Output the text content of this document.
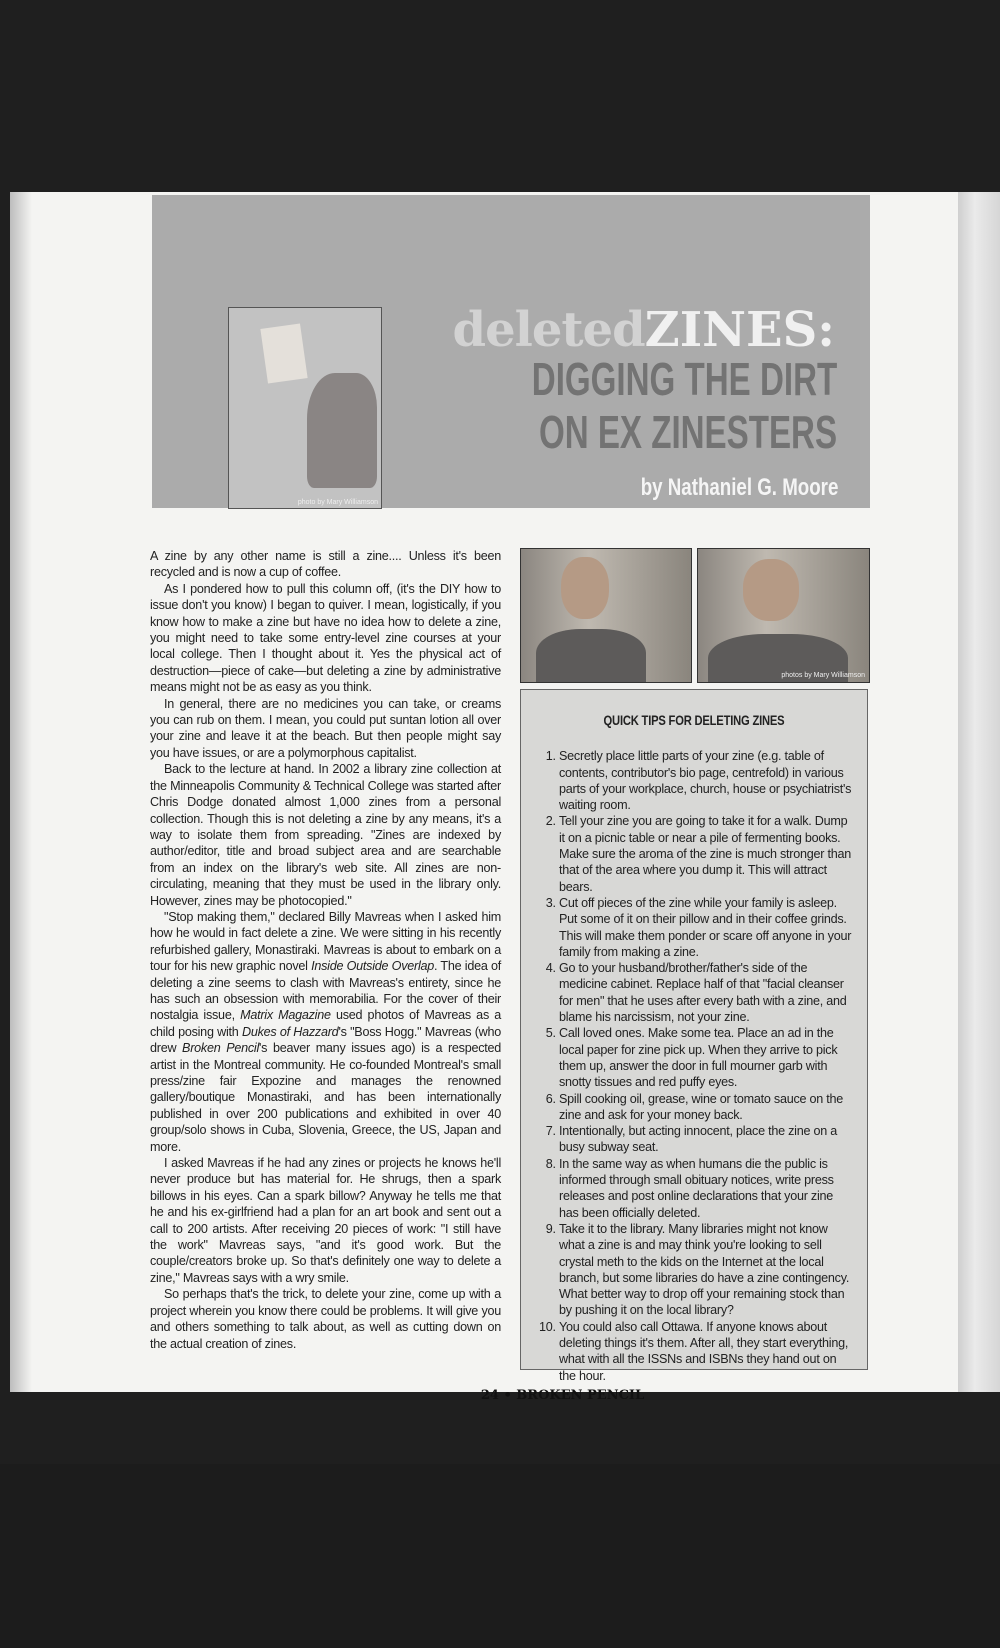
photo by Mary Williamson
deletedZINES:
DIGGING THE DIRT
ON EX ZINESTERS
by Nathaniel G. Moore

A zine by any other name is still a zine.... Unless it's been recycled and is now a cup of coffee.

As I pondered how to pull this column off, (it's the DIY how to issue don't you know) I began to quiver. I mean, logistically, if you know how to make a zine but have no idea how to delete a zine, you might need to take some entry-level zine courses at your local college. Then I thought about it. Yes the physical act of destruction—piece of cake—but deleting a zine by administrative means might not be as easy as you think.

In general, there are no medicines you can take, or creams you can rub on them. I mean, you could put suntan lotion all over your zine and leave it at the beach. But then people might say you have issues, or are a polymorphous capitalist.

Back to the lecture at hand. In 2002 a library zine collection at the Minneapolis Community & Technical College was started after Chris Dodge donated almost 1,000 zines from a personal collection. Though this is not deleting a zine by any means, it's a way to isolate them from spreading. "Zines are indexed by author/editor, title and broad subject area and are searchable from an index on the library's web site. All zines are non-circulating, meaning that they must be used in the library only. However, zines may be photocopied."

"Stop making them," declared Billy Mavreas when I asked him how he would in fact delete a zine. We were sitting in his recently refurbished gallery, Monastiraki. Mavreas is about to embark on a tour for his new graphic novel Inside Outside Overlap. The idea of deleting a zine seems to clash with Mavreas's entirety, since he has such an obsession with memorabilia. For the cover of their nostalgia issue, Matrix Magazine used photos of Mavreas as a child posing with Dukes of Hazzard's "Boss Hogg." Mavreas (who drew Broken Pencil's beaver many issues ago) is a respected artist in the Montreal community. He co-founded Montreal's small press/zine fair Expozine and manages the renowned gallery/boutique Monastiraki, and has been internationally published in over 200 publications and exhibited in over 40 group/solo shows in Cuba, Slovenia, Greece, the US, Japan and more.

I asked Mavreas if he had any zines or projects he knows he'll never produce but has material for. He shrugs, then a spark billows in his eyes. Can a spark billow? Anyway he tells me that he and his ex-girlfriend had a plan for an art book and sent out a call to 200 artists. After receiving 20 pieces of work: "I still have the work" Mavreas says, "and it's good work. But the couple/creators broke up. So that's definitely one way to delete a zine," Mavreas says with a wry smile.

So perhaps that's the trick, to delete your zine, come up with a project wherein you know there could be problems. It will give you and others something to talk about, as well as cutting down on the actual creation of zines.

photos by Mary Williamson
QUICK TIPS FOR DELETING ZINES
1. Secretly place little parts of your zine (e.g. table of contents, contributor's bio page, centrefold) in various parts of your workplace, church, house or psychiatrist's waiting room.
2. Tell your zine you are going to take it for a walk. Dump it on a picnic table or near a pile of fermenting books. Make sure the aroma of the zine is much stronger than that of the area where you dump it. This will attract bears.
3. Cut off pieces of the zine while your family is asleep. Put some of it on their pillow and in their coffee grinds. This will make them ponder or scare off anyone in your family from making a zine.
4. Go to your husband/brother/father's side of the medicine cabinet. Replace half of that "facial cleanser for men" that he uses after every bath with a zine, and blame his narcissism, not your zine.
5. Call loved ones. Make some tea. Place an ad in the local paper for zine pick up. When they arrive to pick them up, answer the door in full mourner garb with snotty tissues and red puffy eyes.
6. Spill cooking oil, grease, wine or tomato sauce on the zine and ask for your money back.
7. Intentionally, but acting innocent, place the zine on a busy subway seat.
8. In the same way as when humans die the public is informed through small obituary notices, write press releases and post online declarations that your zine has been officially deleted.
9. Take it to the library. Many libraries might not know what a zine is and may think you're looking to sell crystal meth to the kids on the Internet at the local branch, but some libraries do have a zine contingency. What better way to drop off your remaining stock than by pushing it on the local library?
10. You could also call Ottawa. If anyone knows about deleting things it's them. After all, they start everything, what with all the ISSNs and ISBNs they hand out on the hour.
24 • BROKEN PENCIL
